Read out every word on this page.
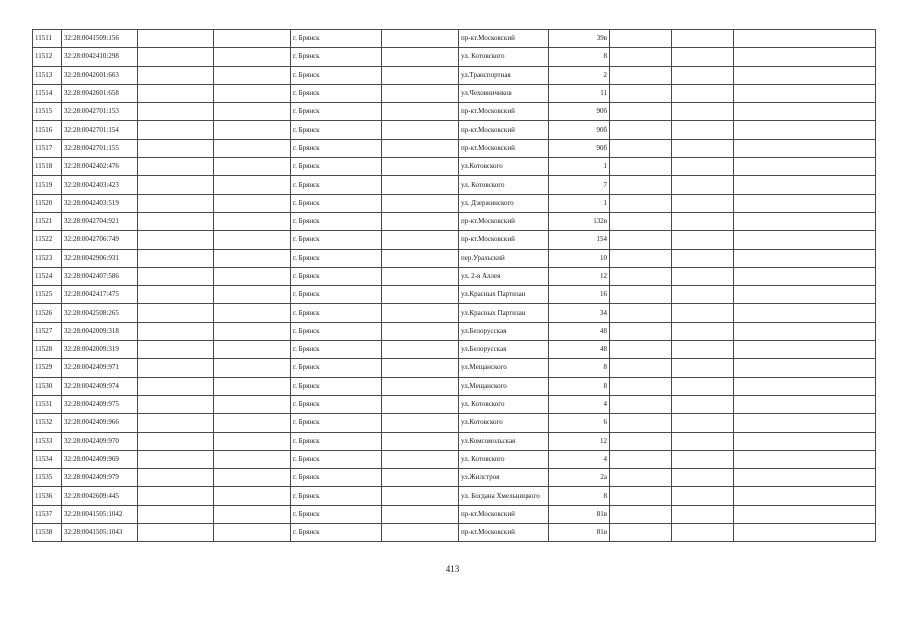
11511	32:28:0041509:156			г. Брянск		пр-кт.Московский	39в			
11512	32:28:0042410:298			г. Брянск		ул. Котовского	8			
11513	32:28:0042601:663			г. Брянск		ул.Транспортная	2			
11514	32:28:0042601:658			г. Брянск		ул.Чеховничиков	11			
11515	32:28:0042701:153			г. Брянск		пр-кт.Московский	90б			
11516	32:28:0042701:154			г. Брянск		пр-кт.Московский	90б			
11517	32:28:0042701:155			г. Брянск		пр-кт.Московский	90б			
11518	32:28:0042402:476			г. Брянск		ул.Котовского	1			
11519	32:28:0042403:423			г. Брянск		ул. Котовского	7			
11520	32:28:0042403:519			г. Брянск		ул. Дзержинского	1			
11521	32:28:0042704:921			г. Брянск		пр-кт.Московский	132в			
11522	32:28:0042706:749			г. Брянск		пр-кт.Московский	154			
11523	32:28:0042906:931			г. Брянск		пер.Уральский	10			
11524	32:28:0042407:586			г. Брянск		ул. 2-я Аллея	12			
11525	32:28:0042417:475			г. Брянск		ул.Красных Партизан	16			
11526	32:28:0042508:265			г. Брянск		ул.Красных Партизан	34			
11527	32:28:0042009:318			г. Брянск		ул.Белорусская	48			
11528	32:28:0042009:319			г. Брянск		ул.Белорусская	48			
11529	32:28:0042409:971			г. Брянск		ул.Мещанского	8			
11530	32:28:0042409:974			г. Брянск		ул.Мещанского	8			
11531	32:28:0042409:975			г. Брянск		ул. Котовского	4			
11532	32:28:0042409:966			г. Брянск		ул.Котовского	6			
11533	32:28:0042409:970			г. Брянск		ул.Комсомольская	12			
11534	32:28:0042409:969			г. Брянск		ул. Котовского	4			
11535	32:28:0042409:979			г. Брянск		ул.Жилстроя	2а			
11536	32:28:0042609:445			г. Брянск		ул. Богдана Хмельницкого	8			
11537	32:28:0041505:1042			г. Брянск		пр-кт.Московский	81в			
11538	32:28:0041505:1043			г. Брянск		пр-кт.Московский	81в			
413
